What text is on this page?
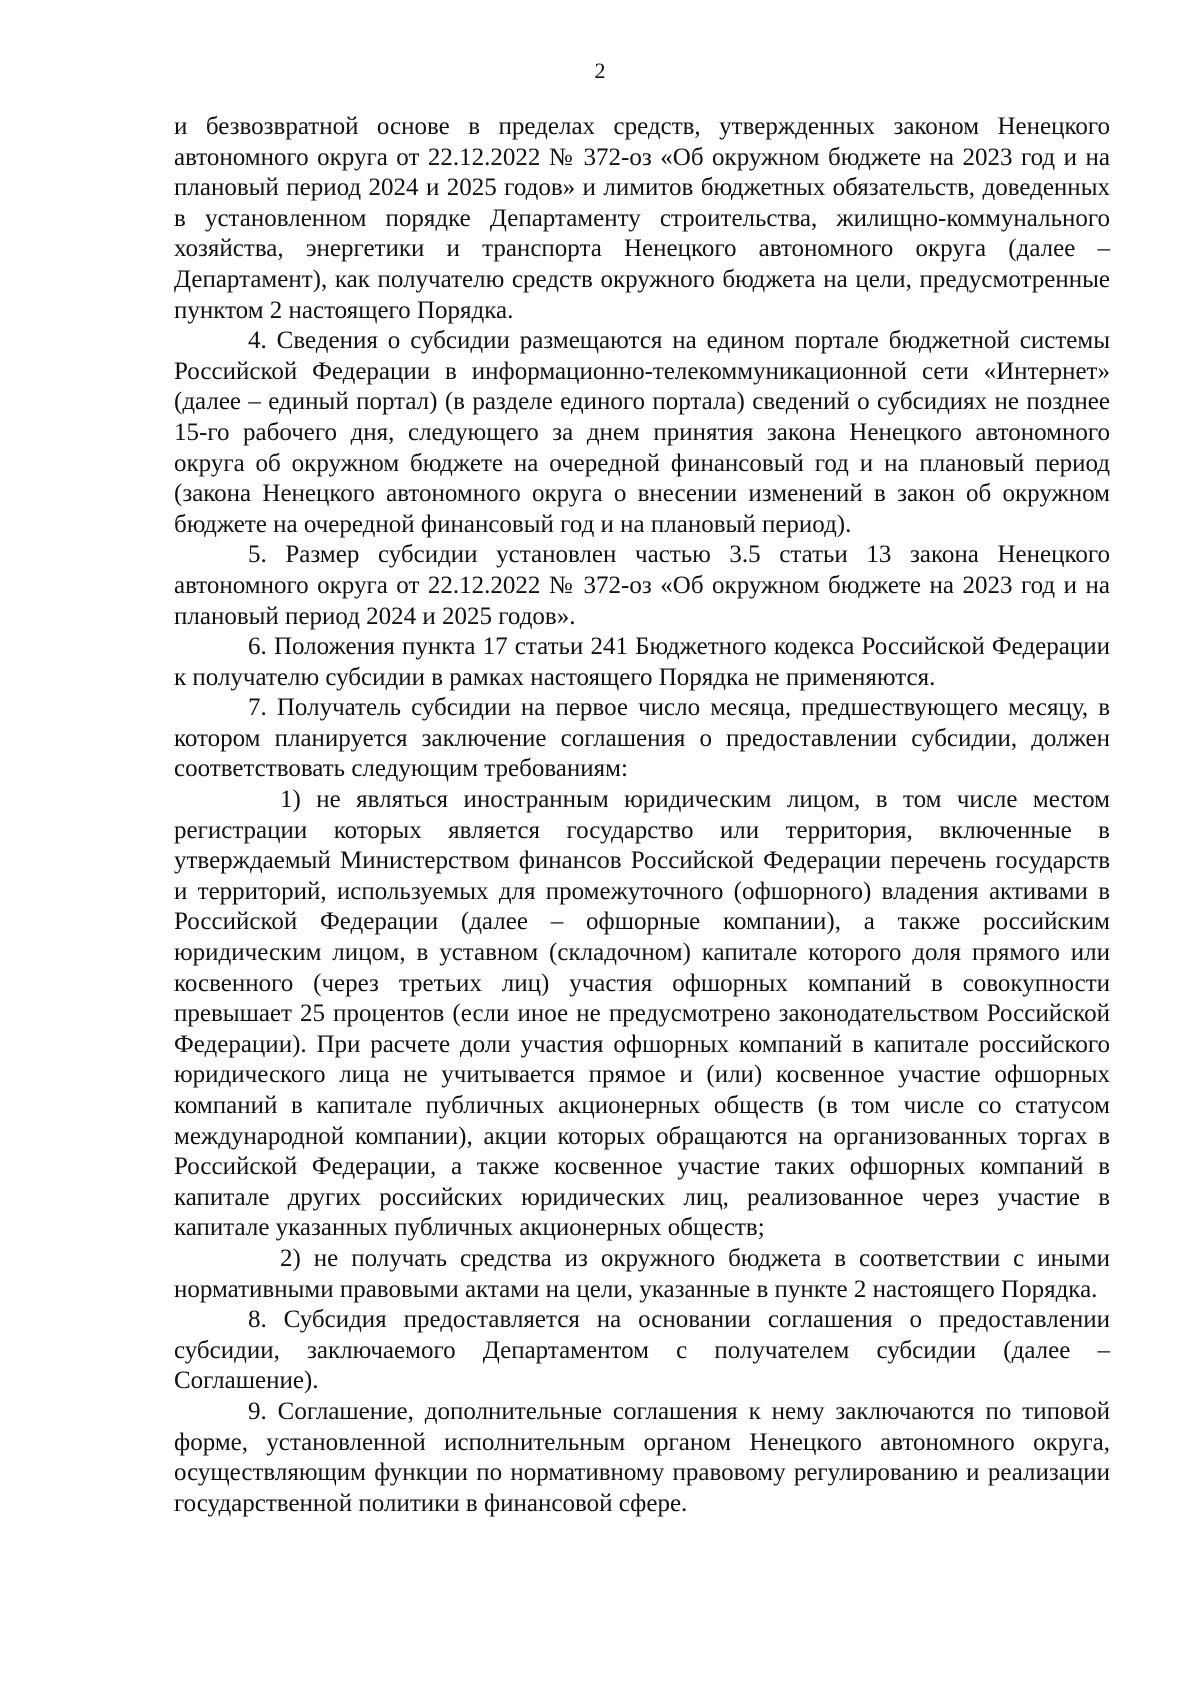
2

и безвозвратной основе в пределах средств, утвержденных законом Ненецкого автономного округа от 22.12.2022 № 372-оз «Об окружном бюджете на 2023 год и на плановый период 2024 и 2025 годов» и лимитов бюджетных обязательств, доведенных в установленном порядке Департаменту строительства, жилищно-коммунального хозяйства, энергетики и транспорта Ненецкого автономного округа (далее – Департамент), как получателю средств окружного бюджета на цели, предусмотренные пунктом 2 настоящего Порядка.

4. Сведения о субсидии размещаются на едином портале бюджетной системы Российской Федерации в информационно-телекоммуникационной сети «Интернет» (далее – единый портал) (в разделе единого портала) сведений о субсидиях не позднее 15-го рабочего дня, следующего за днем принятия закона Ненецкого автономного округа об окружном бюджете на очередной финансовый год и на плановый период (закона Ненецкого автономного округа о внесении изменений в закон об окружном бюджете на очередной финансовый год и на плановый период).

5. Размер субсидии установлен частью 3.5 статьи 13 закона Ненецкого автономного округа от 22.12.2022 № 372-оз «Об окружном бюджете на 2023 год и на плановый период 2024 и 2025 годов».

6. Положения пункта 17 статьи 241 Бюджетного кодекса Российской Федерации к получателю субсидии в рамках настоящего Порядка не применяются.

7. Получатель субсидии на первое число месяца, предшествующего месяцу, в котором планируется заключение соглашения о предоставлении субсидии, должен соответствовать следующим требованиям:

1) не являться иностранным юридическим лицом, в том числе местом регистрации которых является государство или территория, включенные в утверждаемый Министерством финансов Российской Федерации перечень государств и территорий, используемых для промежуточного (офшорного) владения активами в Российской Федерации (далее – офшорные компании), а также российским юридическим лицом, в уставном (складочном) капитале которого доля прямого или косвенного (через третьих лиц) участия офшорных компаний в совокупности превышает 25 процентов (если иное не предусмотрено законодательством Российской Федерации). При расчете доли участия офшорных компаний в капитале российского юридического лица не учитывается прямое и (или) косвенное участие офшорных компаний в капитале публичных акционерных обществ (в том числе со статусом международной компании), акции которых обращаются на организованных торгах в Российской Федерации, а также косвенное участие таких офшорных компаний в капитале других российских юридических лиц, реализованное через участие в капитале указанных публичных акционерных обществ;

2) не получать средства из окружного бюджета в соответствии с иными нормативными правовыми актами на цели, указанные в пункте 2 настоящего Порядка.

8. Субсидия предоставляется на основании соглашения о предоставлении субсидии, заключаемого Департаментом с получателем субсидии (далее – Соглашение).

9. Соглашение, дополнительные соглашения к нему заключаются по типовой форме, установленной исполнительным органом Ненецкого автономного округа, осуществляющим функции по нормативному правовому регулированию и реализации государственной политики в финансовой сфере.
